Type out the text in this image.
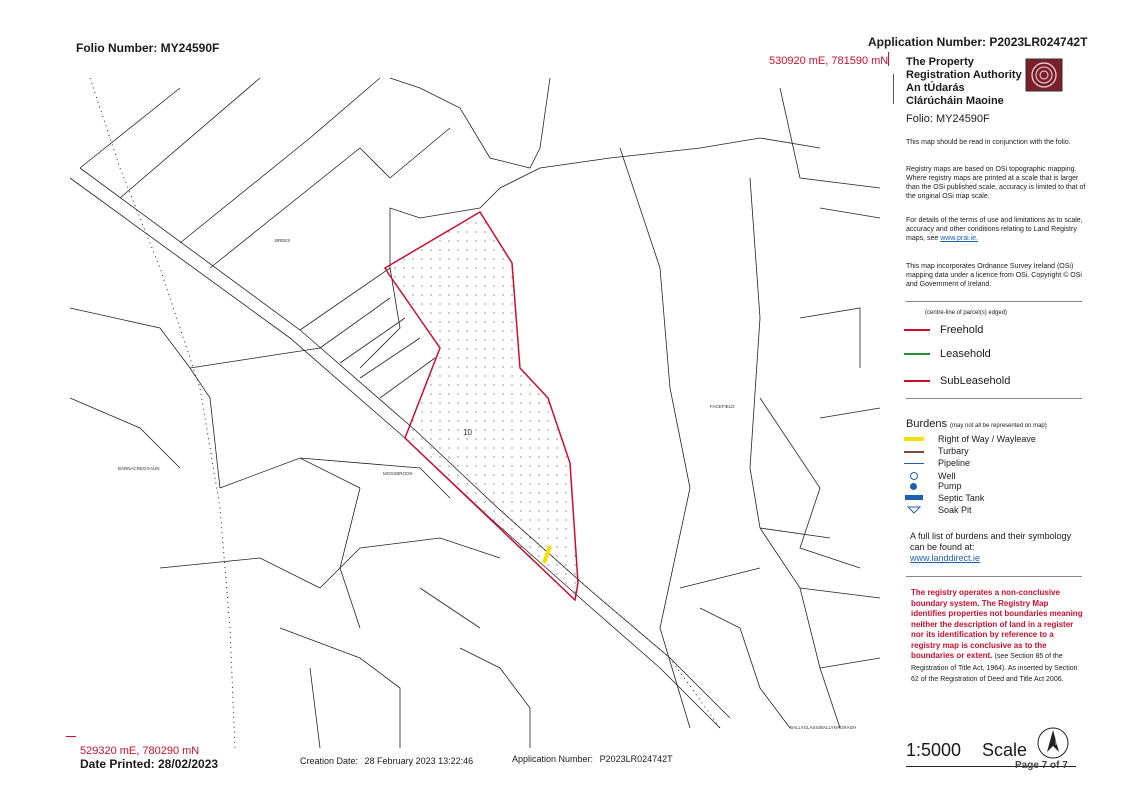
Folio Number: MY24590F	Application Number: P2023LR024742T
530920 mE, 781590 mN
BREES
10
FACEFIELD
MOSSBROOK
BARNACREGGAUN
BALLYGLASS/BALLYNAGRAGH
The Property
Registration Authority
An tÚdarás
Clárúcháin Maoine
Folio: MY24590F
This map should be read in conjunction with the folio.
Registry maps are based on OSi topographic mapping. Where registry maps are printed at a scale that is larger than the OSi published scale, accuracy is limited to that of the original OSi map scale.
For details of the terms of use and limitations as to scale, accuracy and other conditions relating to Land Registry maps, see www.prai.ie.
This map incorporates Ordnance Survey Ireland (OSi) mapping data under a licence from OSi. Copyright © OSi and Government of Ireland.
(centre-line of parcel(s) edged)
Freehold
Leasehold
SubLeasehold
Burdens (may not all be represented on map)
Right of Way / Wayleave
Turbary
Pipeline
Well
Pump
Septic Tank
Soak Pit
A full list of burdens and their symbology can be found at:
www.landdirect.ie
The registry operates a non-conclusive boundary system. The Registry Map identifies properties not boundaries meaning neither the description of land in a register nor its identification by reference to a registry map is conclusive as to the boundaries or extent. (see Section 85 of the Registration of Title Act, 1964). As inserted by Section 62 of the Registration of Deed and Title Act 2006.
529320 mE, 780290 mN
Date Printed: 28/02/2023	Creation Date: 28 February 2023 13:22:46	Application Number: P2023LR024742T	1:5000 Scale	N
Page 7 of 7
